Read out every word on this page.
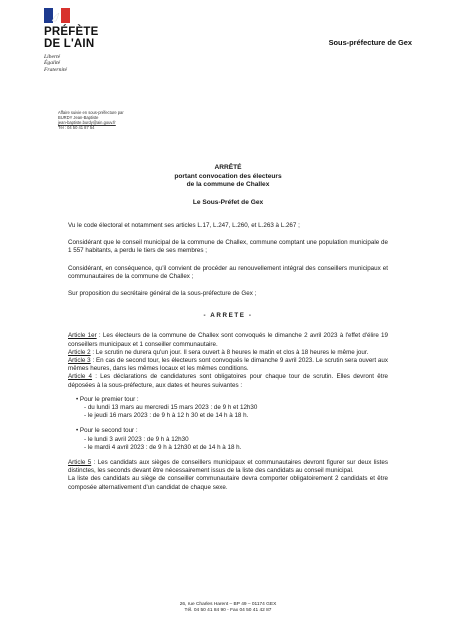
PRÉFÈTE
DE L'AIN
Liberté
Égalité
Fraternité
Sous-préfecture de Gex
Affaire suivie en sous-préfecture par
BURDY Jean-Baptiste
jean-baptiste.burdy@ain.gouv.fr
Tél : 04 50 41 87 54
ARRÊTÉ
portant convocation des électeurs
de la commune de Challex
Le Sous-Préfet de Gex

Vu le code électoral et notamment ses articles L.17, L.247, L.260, et L.263 à L.267 ;

Considérant que le conseil municipal de la commune de Challex, commune comptant une population municipale de 1 557 habitants, a perdu le tiers de ses membres ;

Considérant, en conséquence, qu'il convient de procéder au renouvellement intégral des conseillers municipaux et communautaires de la commune de Challex ;

Sur proposition du secrétaire général de la sous-préfecture de Gex ;

- ARRETE -

Article 1er : Les électeurs de la commune de Challex sont convoqués le dimanche 2 avril 2023 à l'effet d'élire 19 conseillers municipaux et 1 conseiller communautaire.

Article 2 : Le scrutin ne durera qu'un jour. Il sera ouvert à 8 heures le matin et clos à 18 heures le même jour.

Article 3 : En cas de second tour, les électeurs sont convoqués le dimanche 9 avril 2023. Le scrutin sera ouvert aux mêmes heures, dans les mêmes locaux et les mêmes conditions.

Article 4 : Les déclarations de candidatures sont obligatoires pour chaque tour de scrutin. Elles devront être déposées à la sous-préfecture, aux dates et heures suivantes :

• Pour le premier tour :
- du lundi 13 mars au mercredi 15 mars 2023 : de 9 h et 12h30
- le jeudi 16 mars 2023 : de 9 h à 12 h 30 et de 14 h à 18 h.
• Pour le second tour :
- le lundi 3 avril 2023 : de 9 h à 12h30
- le mardi 4 avril 2023 : de 9 h à 12h30 et de 14 h à 18 h.

Article 5 : Les candidats aux sièges de conseillers municipaux et communautaires devront figurer sur deux listes distinctes, les seconds devant être nécessairement issus de la liste des candidats au conseil municipal.

La liste des candidats au siège de conseiller communautaire devra comporter obligatoirement 2 candidats et être composée alternativement d'un candidat de chaque sexe.

26, rue Charles Harent – BP 49 – 01174 GEX
Tél. 04 50 41 84 90 - Fax 04 50 41 42 87
